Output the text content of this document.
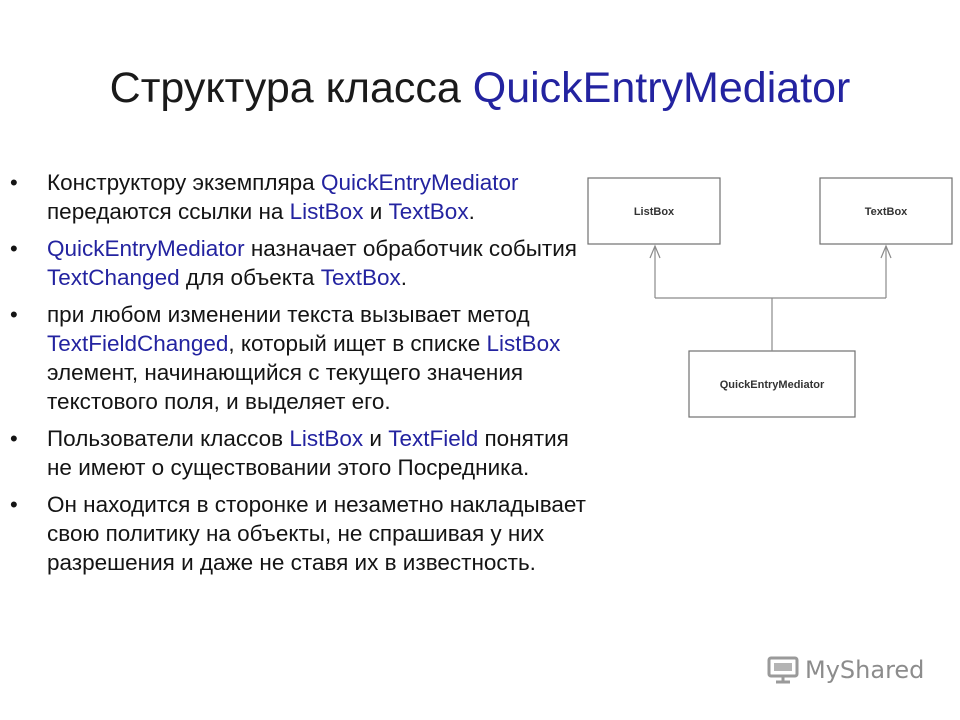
Структура класса QuickEntryMediator
• Конструктору экземпляра QuickEntryMediator передаются ссылки на ListBox и TextBox.
• QuickEntryMediator назначает обработчик события TextChanged для объекта TextBox.
• при любом изменении текста вызывает метод TextFieldChanged, который ищет в списке ListBox элемент, начинающийся с текущего значения текстового поля, и выделяет его.
• Пользователи классов ListBox и TextField понятия не имеют о существовании этого Посредника.
• Он находится в сторонке и незаметно накладывает свою политику на объекты, не спрашивая у них разрешения и даже не ставя их в известность.
ListBox	TextBox
QuickEntryMediator
MyShared
